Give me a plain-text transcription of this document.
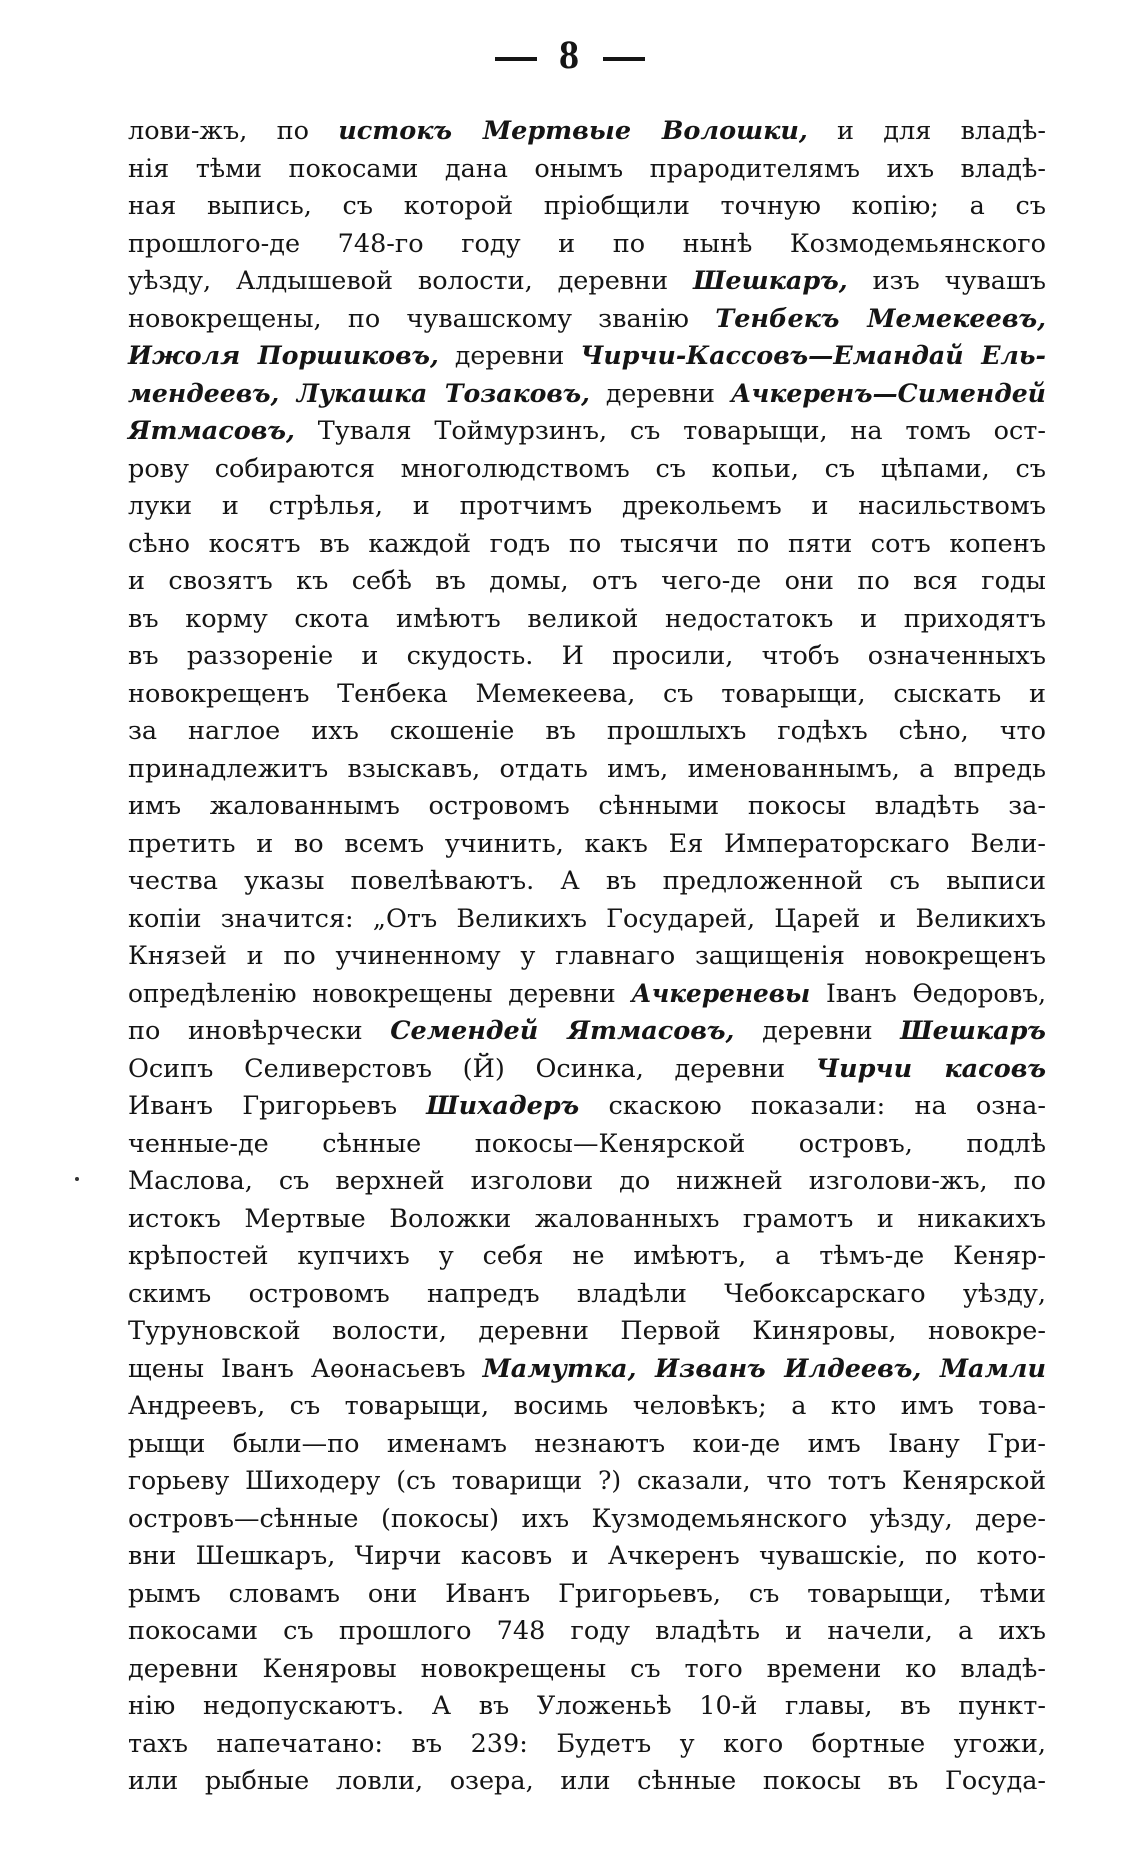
8
лови-жъ,  по  истокъ  Мертвые  Волошки,  и  для  владѣ-
нія тѣми покосами дана онымъ прародителямъ ихъ владѣ-
ная  выпись,  съ  которой  пріобщили  точную  копію;  а  съ
прошлого-де  748-го  году  и  по  нынѣ  Козмодемьянского
уѣзду,  Алдышевой  волости,  деревни  Шешкаръ,  изъ  чувашъ
новокрещены,  по  чувашскому  званію  Тенбекъ  Мемекеевъ,
Ижоля  Поршиковъ,  деревни  Чирчи-Кассовъ—Емандай  Ель-
мендеевъ,  Лукашка  Тозаковъ,  деревни  Ачкеренъ—Симендей
Ятмасовъ,  Туваля  Тоймурзинъ,  съ  товарыщи,  на  томъ  ост-
рову  собираются  многолюдствомъ  съ  копьи,  съ  цѣпами,  съ
луки  и  стрѣлья,  и  протчимъ  дрекольемъ  и  насильствомъ
сѣно  косятъ  въ  каждой  годъ  по  тысячи  по  пяти  сотъ  копенъ
и  свозятъ  къ  себѣ  въ  домы,  отъ  чего-де  они  по  вся  годы
въ  корму  скота  имѣютъ  великой  недостатокъ  и  приходятъ
въ  раззореніе  и  скудость.  И  просили,  чтобъ  означенныхъ
новокрещенъ  Тенбека  Мемекеева,  съ  товарыщи,  сыскать  и
за  наглое  ихъ  скошеніе  въ  прошлыхъ  годѣхъ  сѣно,  что
принадлежитъ  взыскавъ,  отдать  имъ,  именованнымъ,  а  впредь
имъ  жалованнымъ  островомъ  сѣнными  покосы  владѣть  за-
претить  и  во  всемъ  учинить,  какъ  Ея  Императорскаго  Вели-
чества  указы  повелѣваютъ.  А  въ  предложенной  съ  выписи
копіи  значится:  „Отъ  Великихъ  Государей,  Царей  и  Великихъ
Князей  и  по  учиненному  у  главнаго  защищенія  новокрещенъ
опредѣленію  новокрещены  деревни  Ачкереневы  Іванъ  Ѳедоровъ,
по  иновѣрчески  Семендей  Ятмасовъ,  деревни  Шешкаръ
Осипъ  Селиверстовъ  (Й)  Осинка,  деревни  Чирчи  касовъ
Иванъ  Григорьевъ  Шихадеръ  скаскою  показали:  на  озна-
ченные-де  сѣнные  покосы—Кенярской  островъ,  подлѣ
Маслова,  съ  верхней  изголови  до  нижней  изголови-жъ,  по
истокъ  Мертвые  Воложки  жалованныхъ  грамотъ  и  никакихъ
крѣпостей  купчихъ  у  себя  не  имѣютъ,  а  тѣмъ-де  Кеняр-
скимъ  островомъ  напредъ  владѣли  Чебоксарскаго  уѣзду,
Туруновской  волости,  деревни  Первой  Киняровы,  новокре-
щены  Іванъ  Аѳонасьевъ  Мамутка,  Изванъ  Илдеевъ,  Мамли
Андреевъ,  съ  товарыщи,  восимь  человѣкъ;  а  кто  имъ  това-
рыщи  были—по  именамъ  незнаютъ  кои-де  имъ  Івану  Гри-
горьеву  Шиходеру  (съ  товарищи  ?)  сказали,  что  тотъ  Кенярской
островъ—сѣнные  (покосы)  ихъ  Кузмодемьянского  уѣзду,  дере-
вни  Шешкаръ,  Чирчи  касовъ  и  Ачкеренъ  чувашскіе,  по  кото-
рымъ  словамъ  они  Иванъ  Григорьевъ,  съ  товарыщи,  тѣми
покосами  съ  прошлого  748  году  владѣть  и  начели,  а  ихъ
деревни  Кеняровы  новокрещены  съ  того  времени  ко  владѣ-
нію  недопускаютъ.  А  въ  Уложеньѣ  10-й  главы,  въ  пункт-
тахъ  напечатано:  въ  239:  Будетъ  у  кого  бортные  угожи,
или  рыбные  ловли,  озера,  или  сѣнные  покосы  въ  Госуда-
